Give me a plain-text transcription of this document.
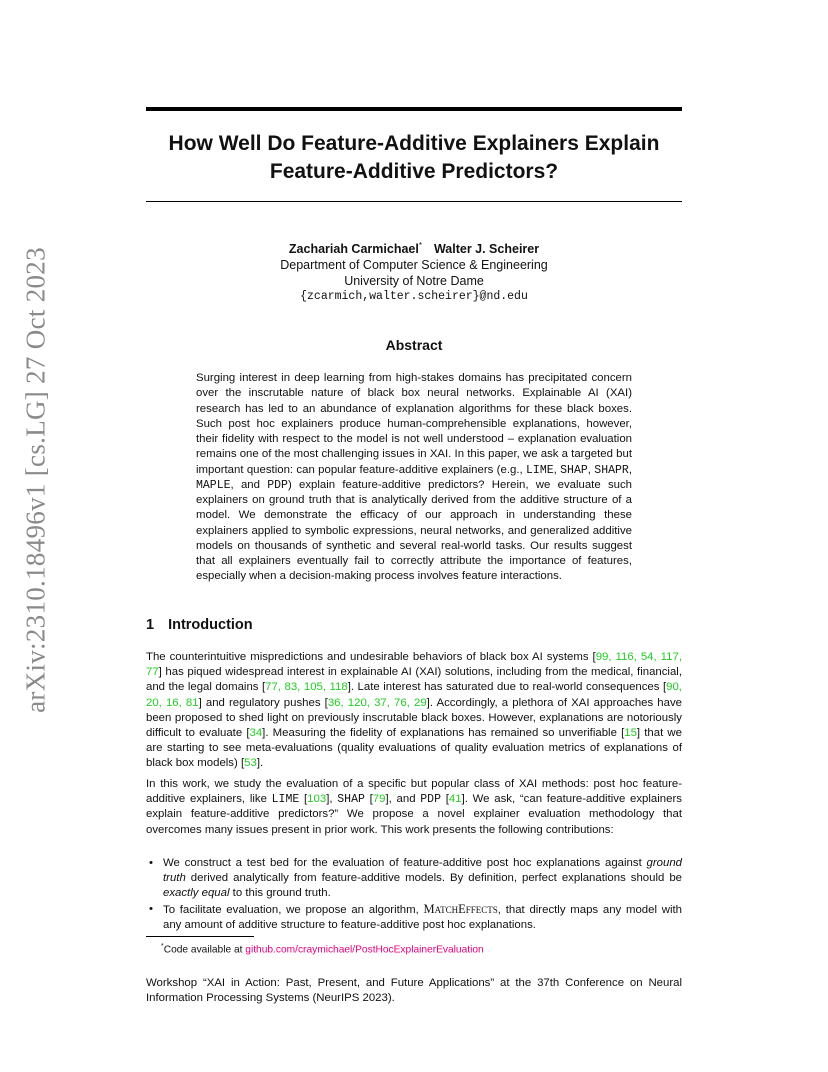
arXiv:2310.18496v1 [cs.LG] 27 Oct 2023
How Well Do Feature-Additive Explainers Explain
Feature-Additive Predictors?
Zachariah Carmichael* Walter J. Scheirer
Department of Computer Science & Engineering
University of Notre Dame
{zcarmich,walter.scheirer}@nd.edu
Abstract
Surging interest in deep learning from high-stakes domains has precipitated concern over the inscrutable nature of black box neural networks. Explainable AI (XAI) research has led to an abundance of explanation algorithms for these black boxes. Such post hoc explainers produce human-comprehensible explanations, however, their fidelity with respect to the model is not well understood – explanation evaluation remains one of the most challenging issues in XAI. In this paper, we ask a targeted but important question: can popular feature-additive explainers (e.g., LIME, SHAP, SHAPR, MAPLE, and PDP) explain feature-additive predictors? Herein, we evaluate such explainers on ground truth that is analytically derived from the additive structure of a model. We demonstrate the efficacy of our approach in understanding these explainers applied to symbolic expressions, neural networks, and generalized additive models on thousands of synthetic and several real-world tasks. Our results suggest that all explainers eventually fail to correctly attribute the importance of features, especially when a decision-making process involves feature interactions.
1 Introduction

The counterintuitive mispredictions and undesirable behaviors of black box AI systems [99, 116, 54, 117, 77] has piqued widespread interest in explainable AI (XAI) solutions, including from the medical, financial, and the legal domains [77, 83, 105, 118]. Late interest has saturated due to real-world consequences [90, 20, 16, 81] and regulatory pushes [36, 120, 37, 76, 29]. Accordingly, a plethora of XAI approaches have been proposed to shed light on previously inscrutable black boxes. However, explanations are notoriously difficult to evaluate [34]. Measuring the fidelity of explanations has remained so unverifiable [15] that we are starting to see meta-evaluations (quality evaluations of quality evaluation metrics of explanations of black box models) [53].

In this work, we study the evaluation of a specific but popular class of XAI methods: post hoc feature-additive explainers, like LIME [103], SHAP [79], and PDP [41]. We ask, “can feature-additive explainers explain feature-additive predictors?” We propose a novel explainer evaluation methodology that overcomes many issues present in prior work. This work presents the following contributions:

• We construct a test bed for the evaluation of feature-additive post hoc explanations against ground truth derived analytically from feature-additive models. By definition, perfect explanations should be exactly equal to this ground truth.
• To facilitate evaluation, we propose an algorithm, MatchEffects, that directly maps any model with any amount of additive structure to feature-additive post hoc explanations.
*Code available at github.com/craymichael/PostHocExplainerEvaluation
Workshop “XAI in Action: Past, Present, and Future Applications” at the 37th Conference on Neural Information Processing Systems (NeurIPS 2023).
